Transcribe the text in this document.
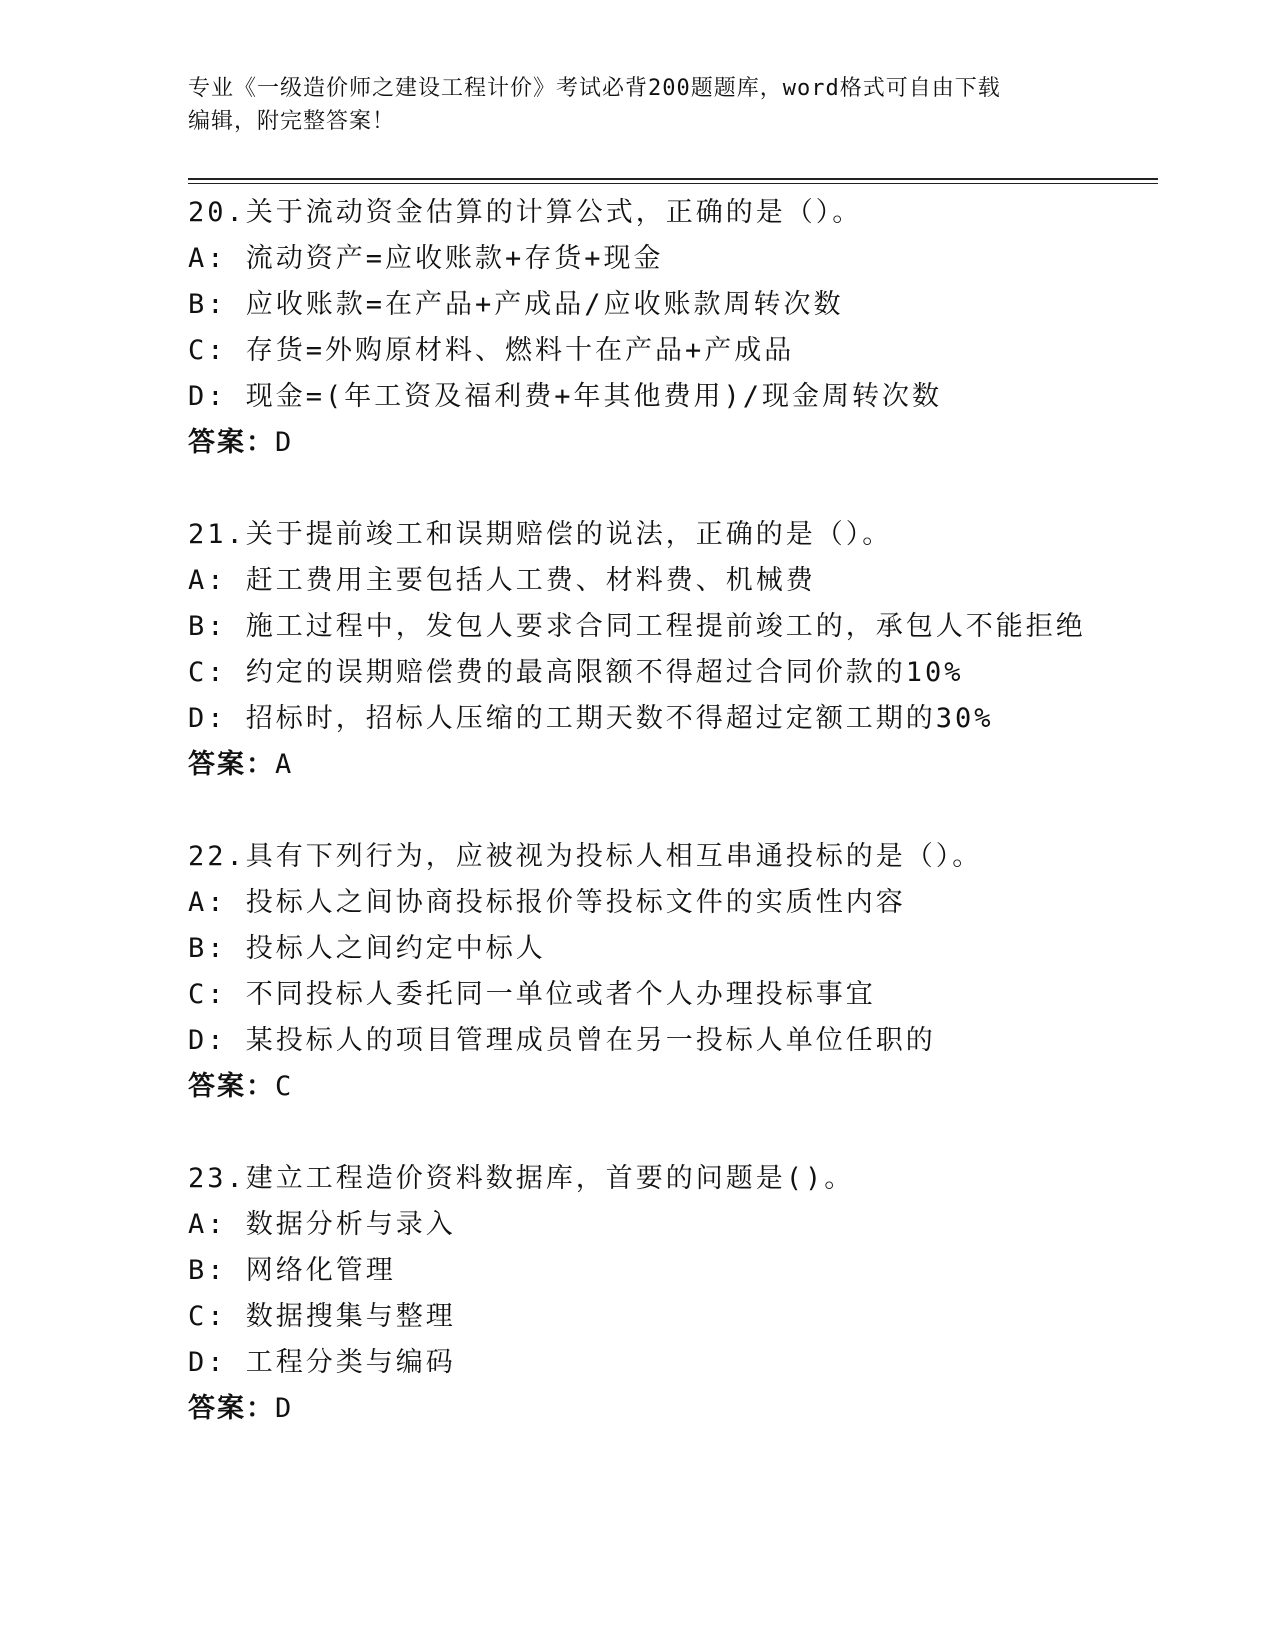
专业《一级造价师之建设工程计价》考试必背200题题库，word格式可自由下载
编辑，附完整答案！
20.关于流动资金估算的计算公式，正确的是（）。
A: 流动资产=应收账款+存货+现金
B: 应收账款=在产品+产成品/应收账款周转次数
C: 存货=外购原材料、燃料十在产品+产成品
D: 现金=(年工资及福利费+年其他费用)/现金周转次数
答案：D
21.关于提前竣工和误期赔偿的说法，正确的是（）。
A: 赶工费用主要包括人工费、材料费、机械费
B: 施工过程中，发包人要求合同工程提前竣工的，承包人不能拒绝
C: 约定的误期赔偿费的最高限额不得超过合同价款的10%
D: 招标时，招标人压缩的工期天数不得超过定额工期的30%
答案：A
22.具有下列行为，应被视为投标人相互串通投标的是（）。
A: 投标人之间协商投标报价等投标文件的实质性内容
B: 投标人之间约定中标人
C: 不同投标人委托同一单位或者个人办理投标事宜
D: 某投标人的项目管理成员曾在另一投标人单位任职的
答案：C
23.建立工程造价资料数据库，首要的问题是()。
A: 数据分析与录入
B: 网络化管理
C: 数据搜集与整理
D: 工程分类与编码
答案：D
